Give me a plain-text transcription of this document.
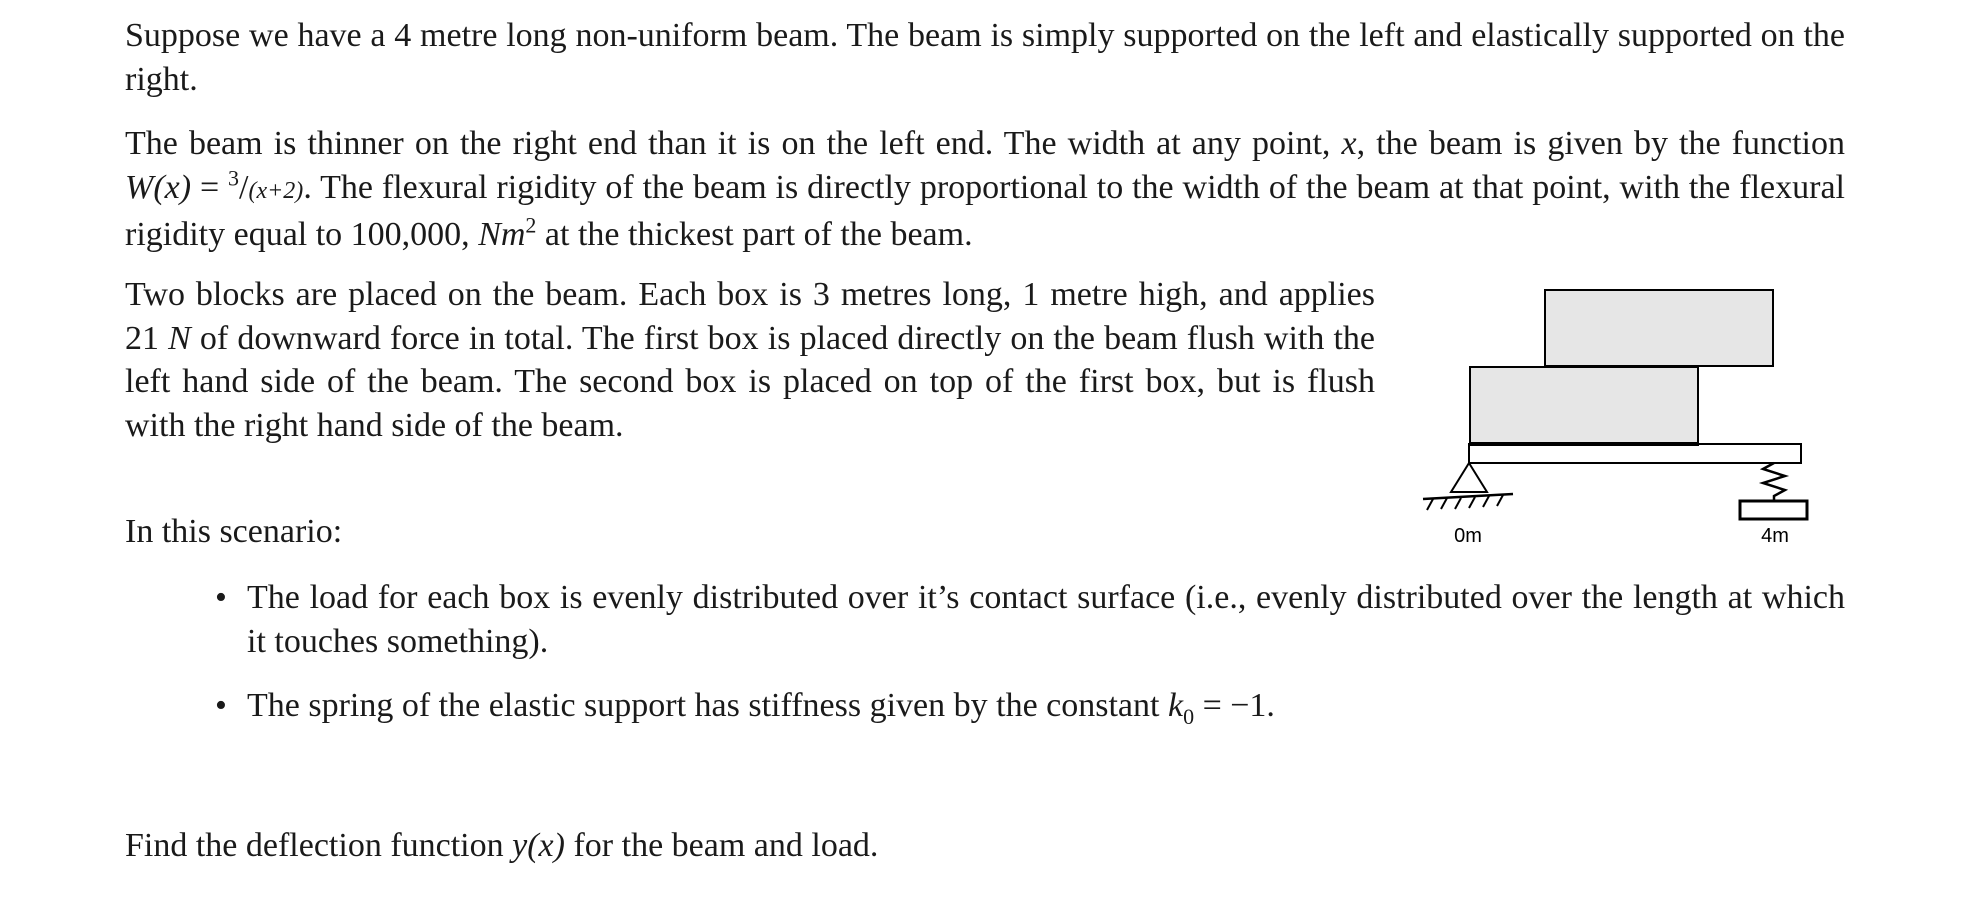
Suppose we have a 4 metre long non-uniform beam. The beam is simply supported on the left and elastically supported on the right.

The beam is thinner on the right end than it is on the left end. The width at any point, x, the beam is given by the function W(x) = $^3$/(x+2). The flexural rigidity of the beam is directly proportional to the width of the beam at that point, with the flexural rigidity equal to 100,000, Nm$^2$ at the thickest part of the beam.

Two blocks are placed on the beam. Each box is 3 metres long, 1 metre high, and applies 21 N of downward force in total. The first box is placed directly on the beam flush with the left hand side of the beam. The second box is placed on top of the first box, but is flush with the right hand side of the beam.

In this scenario:

• The load for each box is evenly distributed over it’s contact surface (i.e., evenly distributed over the length at which it touches something).
• The spring of the elastic support has stiffness given by the constant $k_0 = -1$.

Find the deflection function y(x) for the beam and load.

0m	4m
